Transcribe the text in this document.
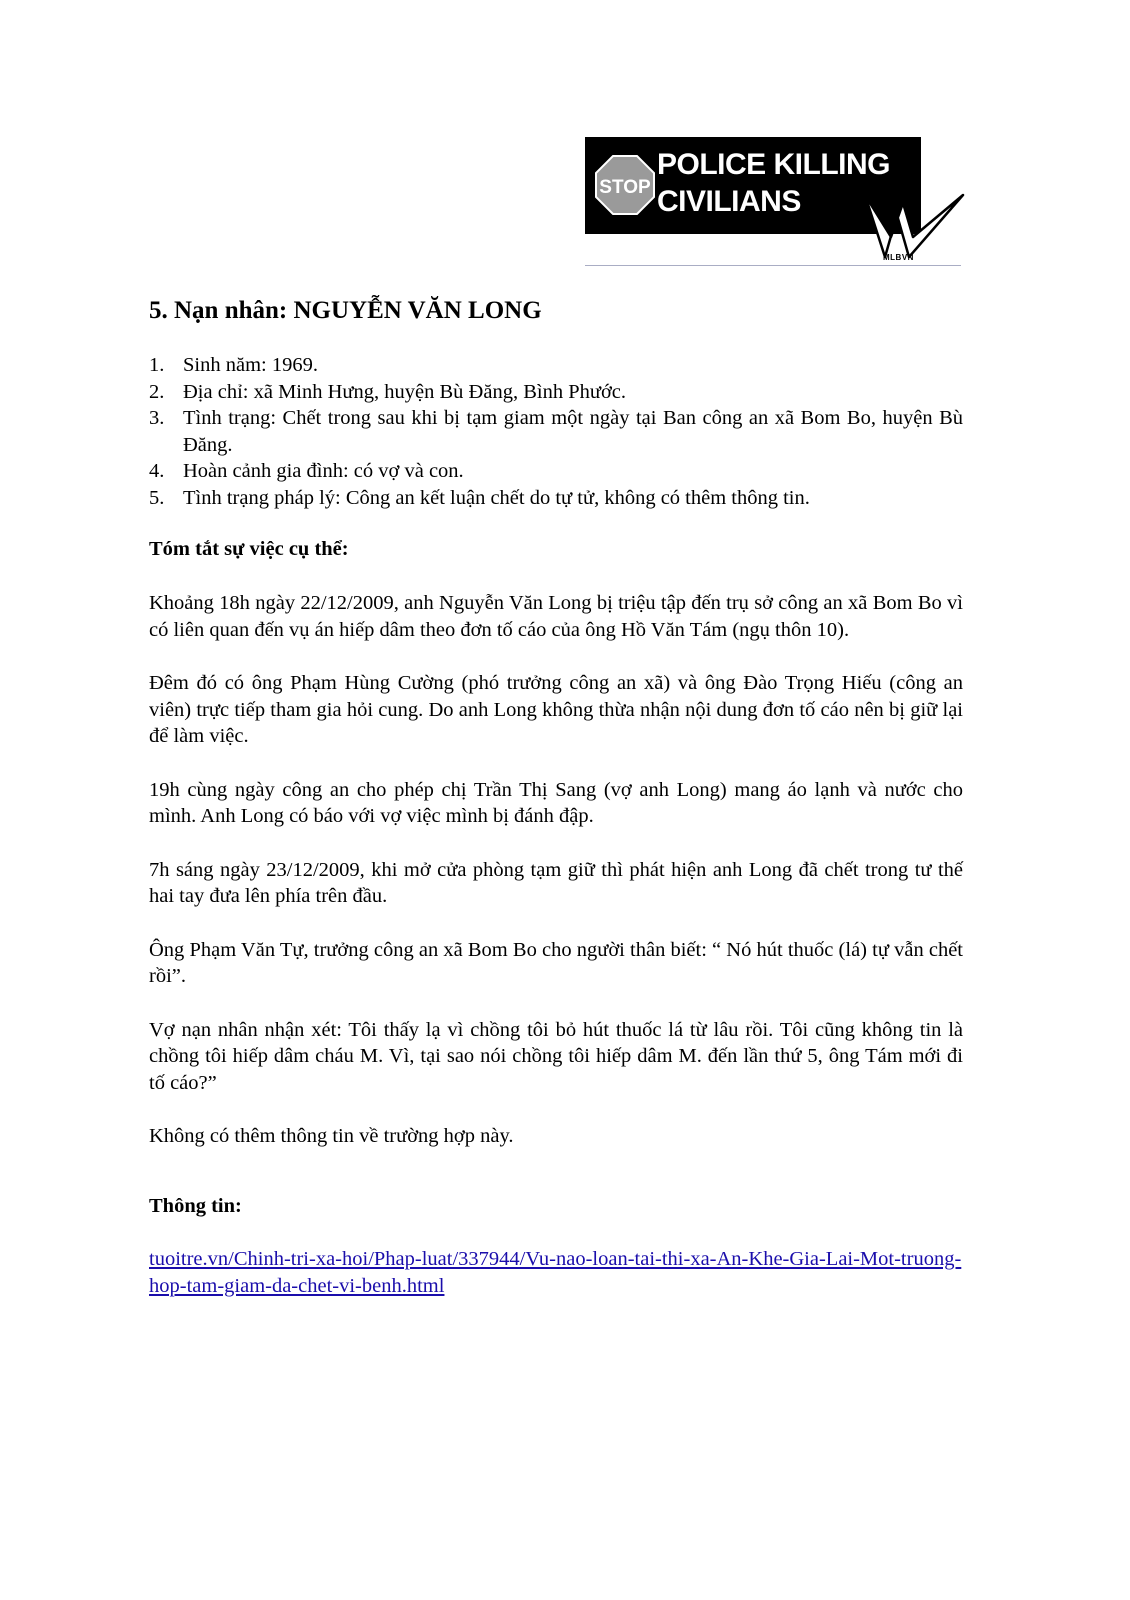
STOP
POLICE KILLING
CIVILIANS
MLBVN
5. Nạn nhân: NGUYỄN VĂN LONG
1. Sinh năm: 1969.
2. Địa chỉ: xã Minh Hưng, huyện Bù Đăng, Bình Phước.
3. Tình trạng: Chết trong sau khi bị tạm giam một ngày tại Ban công an xã Bom Bo, huyện Bù Đăng.
4. Hoàn cảnh gia đình: có vợ và con.
5. Tình trạng pháp lý: Công an kết luận chết do tự tử, không có thêm thông tin.
Tóm tắt sự việc cụ thể:

Khoảng 18h ngày 22/12/2009, anh Nguyễn Văn Long bị triệu tập đến trụ sở công an xã Bom Bo vì có liên quan đến vụ án hiếp dâm theo đơn tố cáo của ông Hồ Văn Tám (ngụ thôn 10).

Đêm đó có ông Phạm Hùng Cường (phó trưởng công an xã) và ông Đào Trọng Hiếu (công an viên) trực tiếp tham gia hỏi cung. Do anh Long không thừa nhận nội dung đơn tố cáo nên bị giữ lại để làm việc.

19h cùng ngày công an cho phép chị Trần Thị Sang (vợ anh Long) mang áo lạnh và nước cho mình. Anh Long có báo với vợ việc mình bị đánh đập.

7h sáng ngày 23/12/2009, khi mở cửa phòng tạm giữ thì phát hiện anh Long đã chết trong tư thế hai tay đưa lên phía trên đầu.

Ông Phạm Văn Tự, trưởng công an xã Bom Bo cho người thân biết: “ Nó hút thuốc (lá) tự vẫn chết rồi”.

Vợ nạn nhân nhận xét: Tôi thấy lạ vì chồng tôi bỏ hút thuốc lá từ lâu rồi. Tôi cũng không tin là chồng tôi hiếp dâm cháu M. Vì, tại sao nói chồng tôi hiếp dâm M. đến lần thứ 5, ông Tám mới đi tố cáo?”

Không có thêm thông tin về trường hợp này.

Thông tin:
tuoitre.vn/Chinh-tri-xa-hoi/Phap-luat/337944/Vu-nao-loan-tai-thi-xa-An-Khe-Gia-Lai-Mot-truong-hop-tam-giam-da-chet-vi-benh.html
